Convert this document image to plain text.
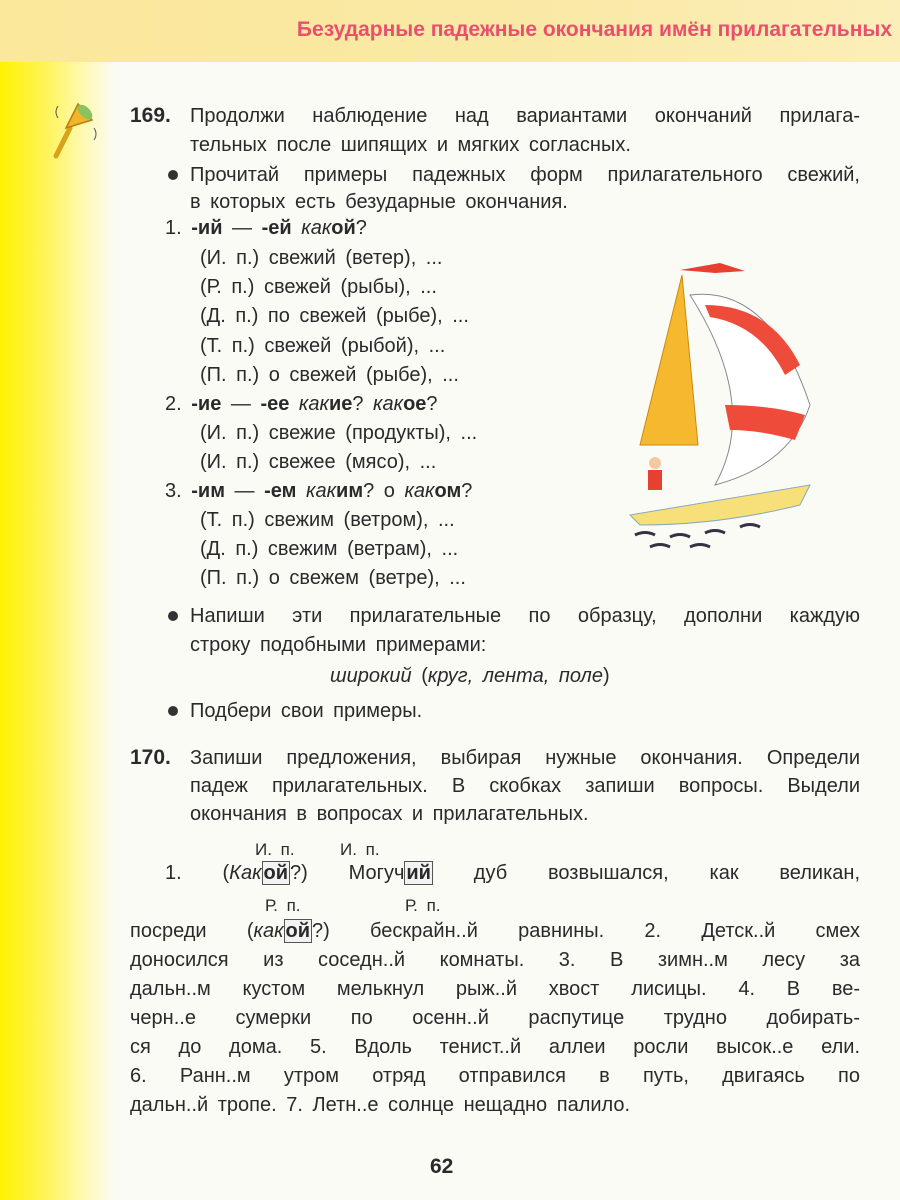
Безударные падежные окончания имён прилагательных
169. Продолжи наблюдение над вариантами окончаний прилага-
тельных после шипящих и мягких согласных.
Прочитай примеры падежных форм прилагательного свежий,
в которых есть безударные окончания.
1. -ий — -ей какой?
(И. п.) свежий (ветер), ...
(Р. п.) свежей (рыбы), ...
(Д. п.) по свежей (рыбе), ...
(Т. п.) свежей (рыбой), ...
(П. п.) о свежей (рыбе), ...
2. -ие — -ее какие? какое?
(И. п.) свежие (продукты), ...
(И. п.) свежее (мясо), ...
3. -им — -ем каким? о каком?
(Т. п.) свежим (ветром), ...
(Д. п.) свежим (ветрам), ...
(П. п.) о свежем (ветре), ...
Напиши эти прилагательные по образцу, дополни каждую
строку подобными примерами:
широкий (круг, лента, поле)
Подбери свои примеры.
170. Запиши предложения, выбирая нужные окончания. Определи
падеж прилагательных. В скобках запиши вопросы. Выдели
окончания в вопросах и прилагательных.
И. п.	И. п.
1. (Как ой ?) Могуч ий дуб возвышался, как великан,
Р. п.	Р. п.
посреди (как ой ?) бескрайн..й равнины. 2. Детск..й смех
доносился из соседн..й комнаты. 3. В зимн..м лесу за
дальн..м кустом мелькнул рыж..й хвост лисицы. 4. В ве-
черн..е сумерки по осенн..й распутице трудно добирать-
ся до дома. 5. Вдоль тенист..й аллеи росли высок..е ели.
6. Ранн..м утром отряд отправился в путь, двигаясь по
дальн..й тропе. 7. Летн..е солнце нещадно палило.
62
